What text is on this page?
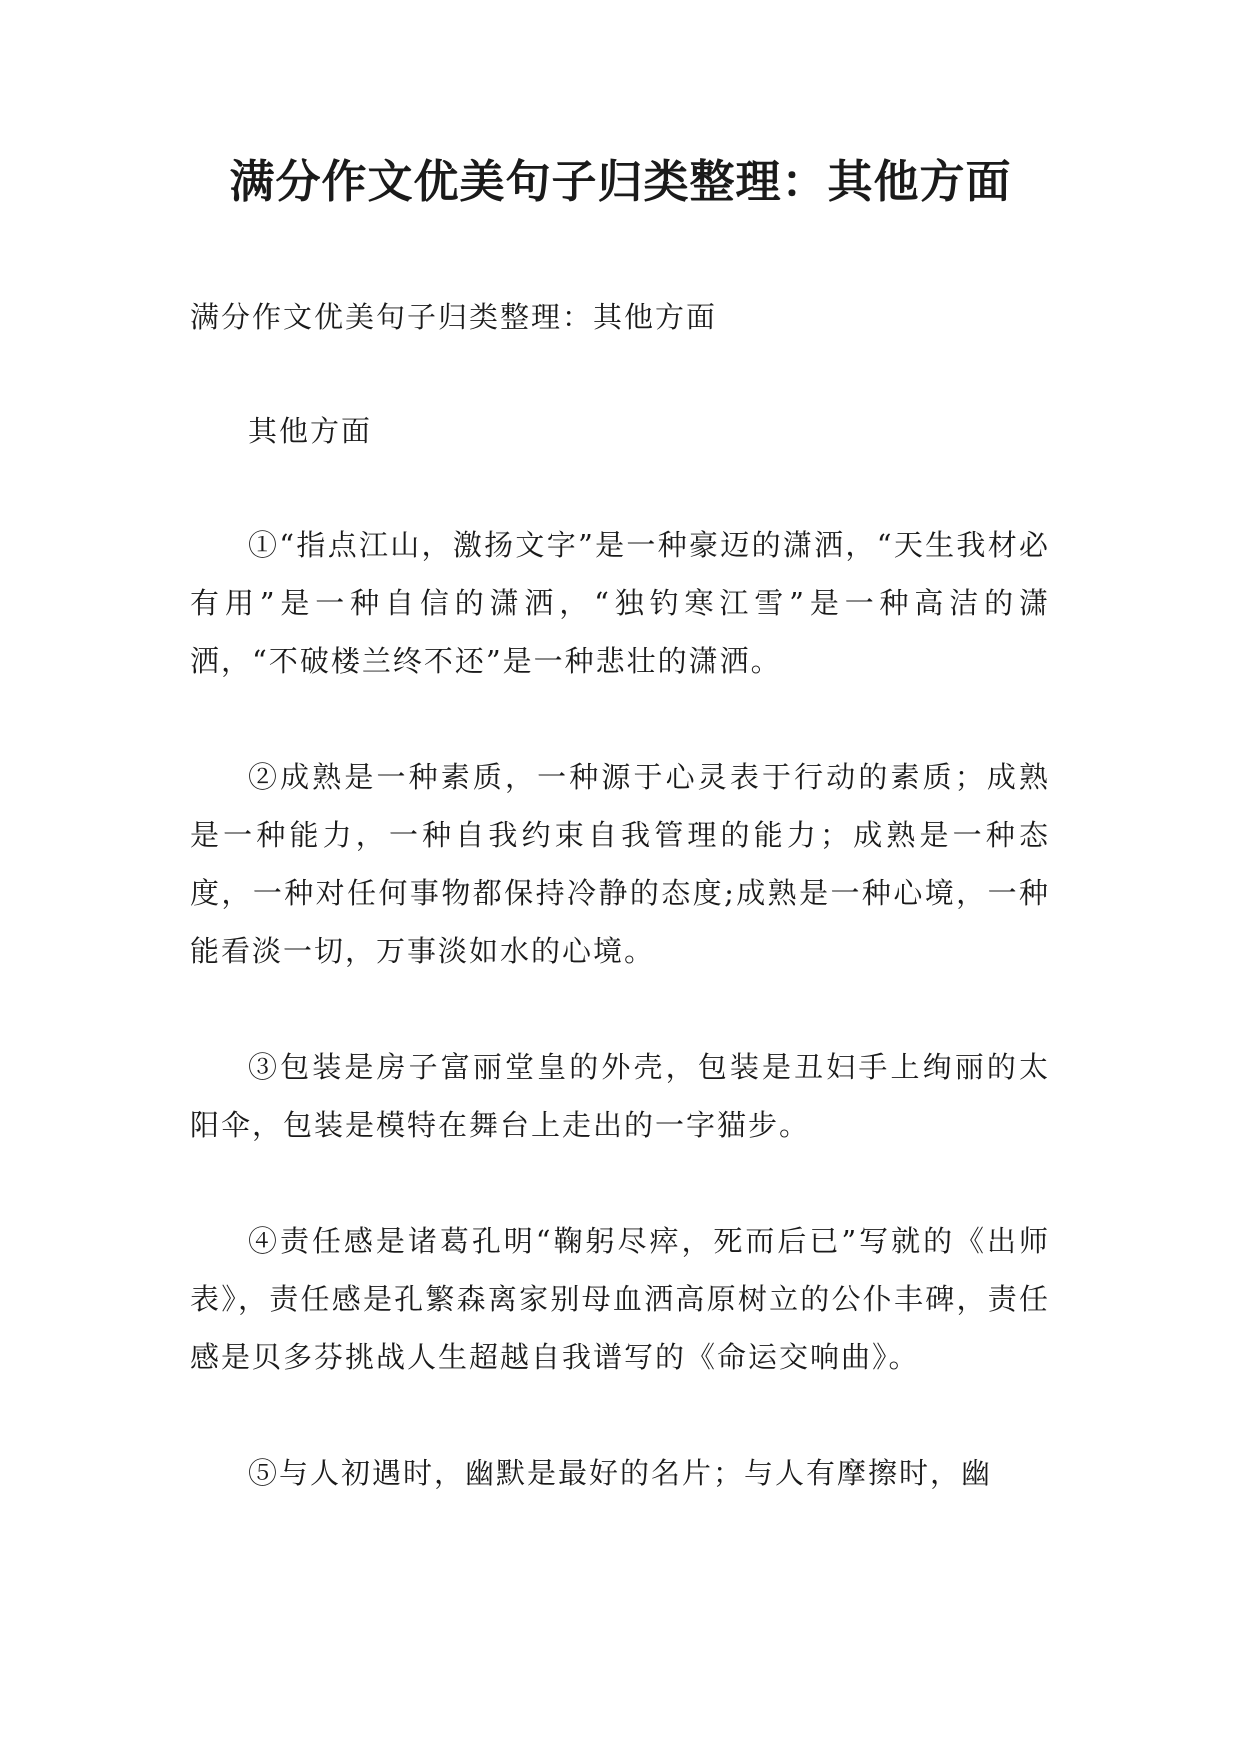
满分作文优美句子归类整理：其他方面

满分作文优美句子归类整理：其他方面

其他方面

①“指点江山，激扬文字”是一种豪迈的潇洒，“天生我材必有用”是一种自信的潇洒，“独钓寒江雪”是一种高洁的潇洒，“不破楼兰终不还”是一种悲壮的潇洒。

②成熟是一种素质，一种源于心灵表于行动的素质；成熟是一种能力，一种自我约束自我管理的能力；成熟是一种态度，一种对任何事物都保持冷静的态度;成熟是一种心境，一种能看淡一切，万事淡如水的心境。

③包装是房子富丽堂皇的外壳，包装是丑妇手上绚丽的太阳伞，包装是模特在舞台上走出的一字猫步。

④责任感是诸葛孔明“鞠躬尽瘁，死而后已”写就的《出师表》，责任感是孔繁森离家别母血洒高原树立的公仆丰碑，责任感是贝多芬挑战人生超越自我谱写的《命运交响曲》。

⑤与人初遇时，幽默是最好的名片；与人有摩擦时，幽
